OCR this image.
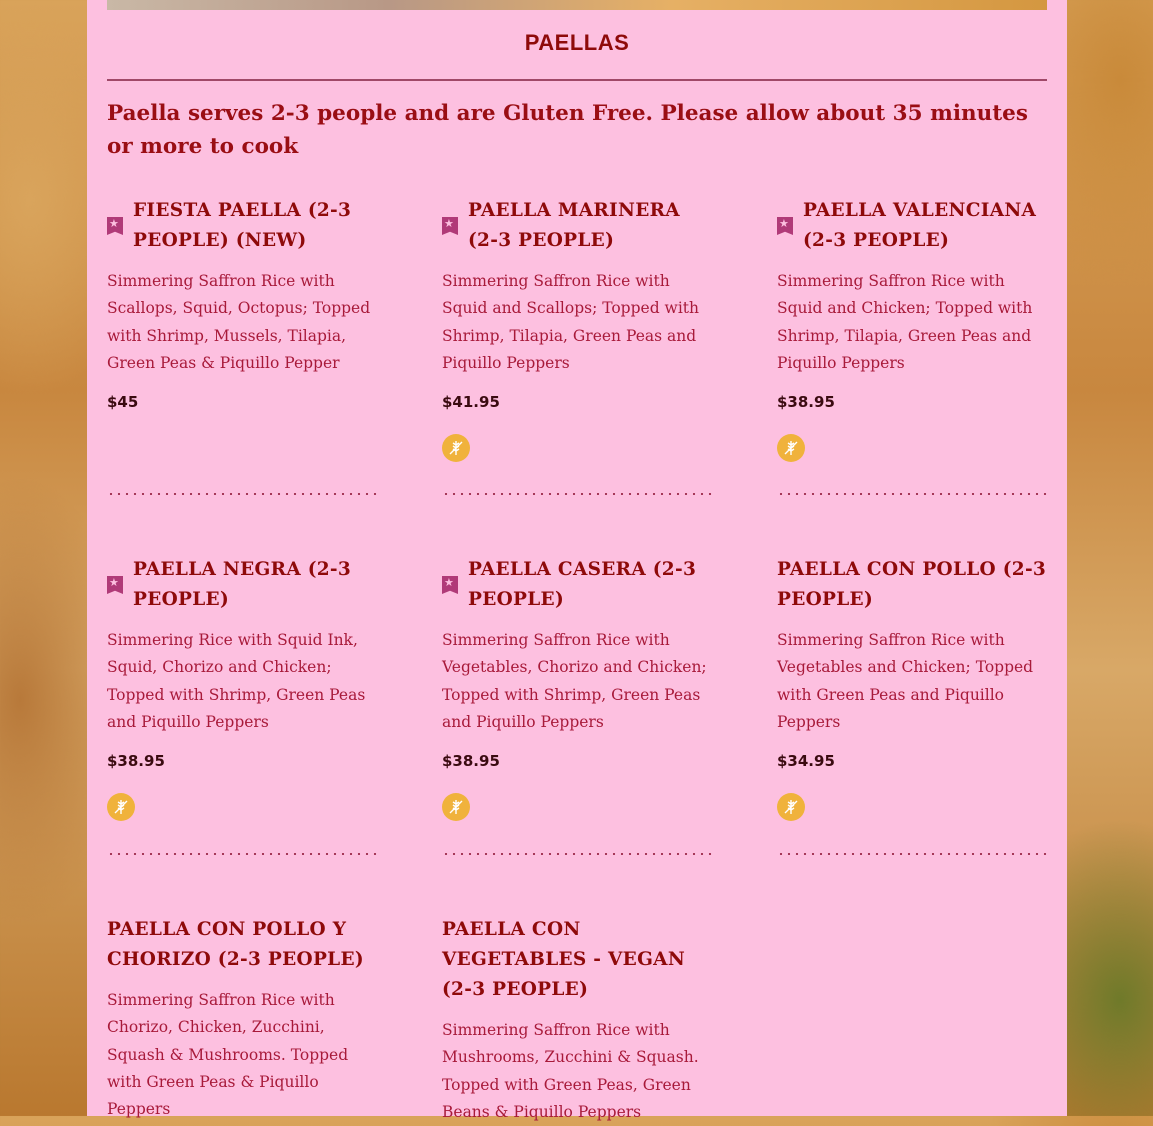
PAELLAS
Paella serves 2-3 people and are Gluten Free. Please allow about 35 minutes or more to cook
★
FIESTA PAELLA (2-3 PEOPLE) (NEW)
Simmering Saffron Rice with Scallops, Squid, Octopus; Topped with Shrimp, Mussels, Tilapia, Green Peas & Piquillo Pepper
$45
★
PAELLA MARINERA (2-3 PEOPLE)
Simmering Saffron Rice with Squid and Scallops; Topped with Shrimp, Tilapia, Green Peas and Piquillo Peppers
$41.95
★
PAELLA VALENCIANA (2-3 PEOPLE)
Simmering Saffron Rice with Squid and Chicken; Topped with Shrimp, Tilapia, Green Peas and Piquillo Peppers
$38.95
★
PAELLA NEGRA (2-3 PEOPLE)
Simmering Rice with Squid Ink, Squid, Chorizo and Chicken; Topped with Shrimp, Green Peas and Piquillo Peppers
$38.95
★
PAELLA CASERA (2-3 PEOPLE)
Simmering Saffron Rice with Vegetables, Chorizo and Chicken; Topped with Shrimp, Green Peas and Piquillo Peppers
$38.95
PAELLA CON POLLO (2-3 PEOPLE)
Simmering Saffron Rice with Vegetables and Chicken; Topped with Green Peas and Piquillo Peppers
$34.95
PAELLA CON POLLO Y CHORIZO (2-3 PEOPLE)
Simmering Saffron Rice with Chorizo, Chicken, Zucchini, Squash & Mushrooms. Topped with Green Peas & Piquillo Peppers
PAELLA CON VEGETABLES - VEGAN (2-3 PEOPLE)
Simmering Saffron Rice with Mushrooms, Zucchini & Squash. Topped with Green Peas, Green Beans & Piquillo Peppers
